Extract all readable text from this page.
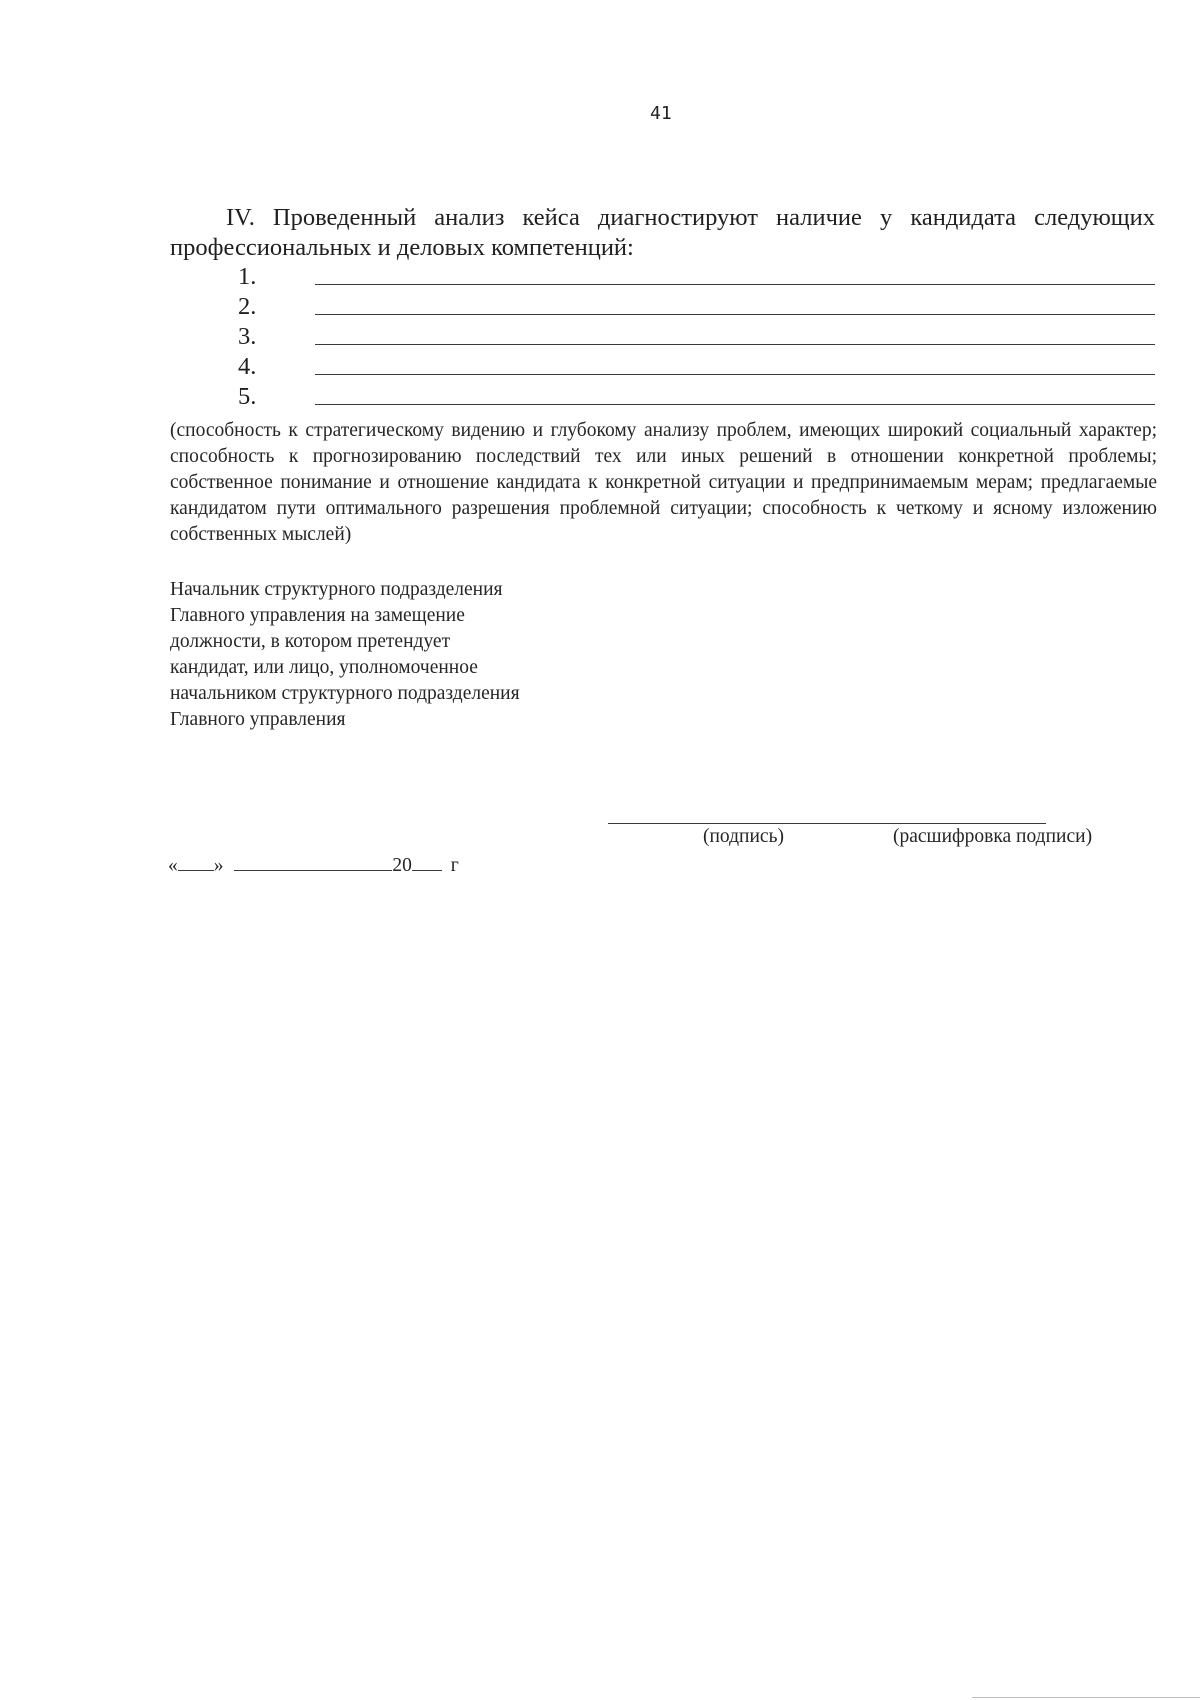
41

IV. Проведенный анализ кейса диагностируют наличие у кандидата следующих профессиональных и деловых компетенций:

1.
2.
3.
4.
5.

(способность к стратегическому видению и глубокому анализу проблем, имеющих широкий социальный характер; способность к прогнозированию последствий тех или иных решений в отношении конкретной проблемы; собственное понимание и отношение кандидата к конкретной ситуации и предпринимаемым мерам; предлагаемые кандидатом пути оптимального разрешения проблемной ситуации; способность к четкому и ясному изложению собственных мыслей)

Начальник структурного подразделения
Главного управления на замещение
должности, в котором претендует
кандидат, или лицо, уполномоченное
начальником структурного подразделения
Главного управления
(подпись)	(расшифровка подписи)
« »	20 г
